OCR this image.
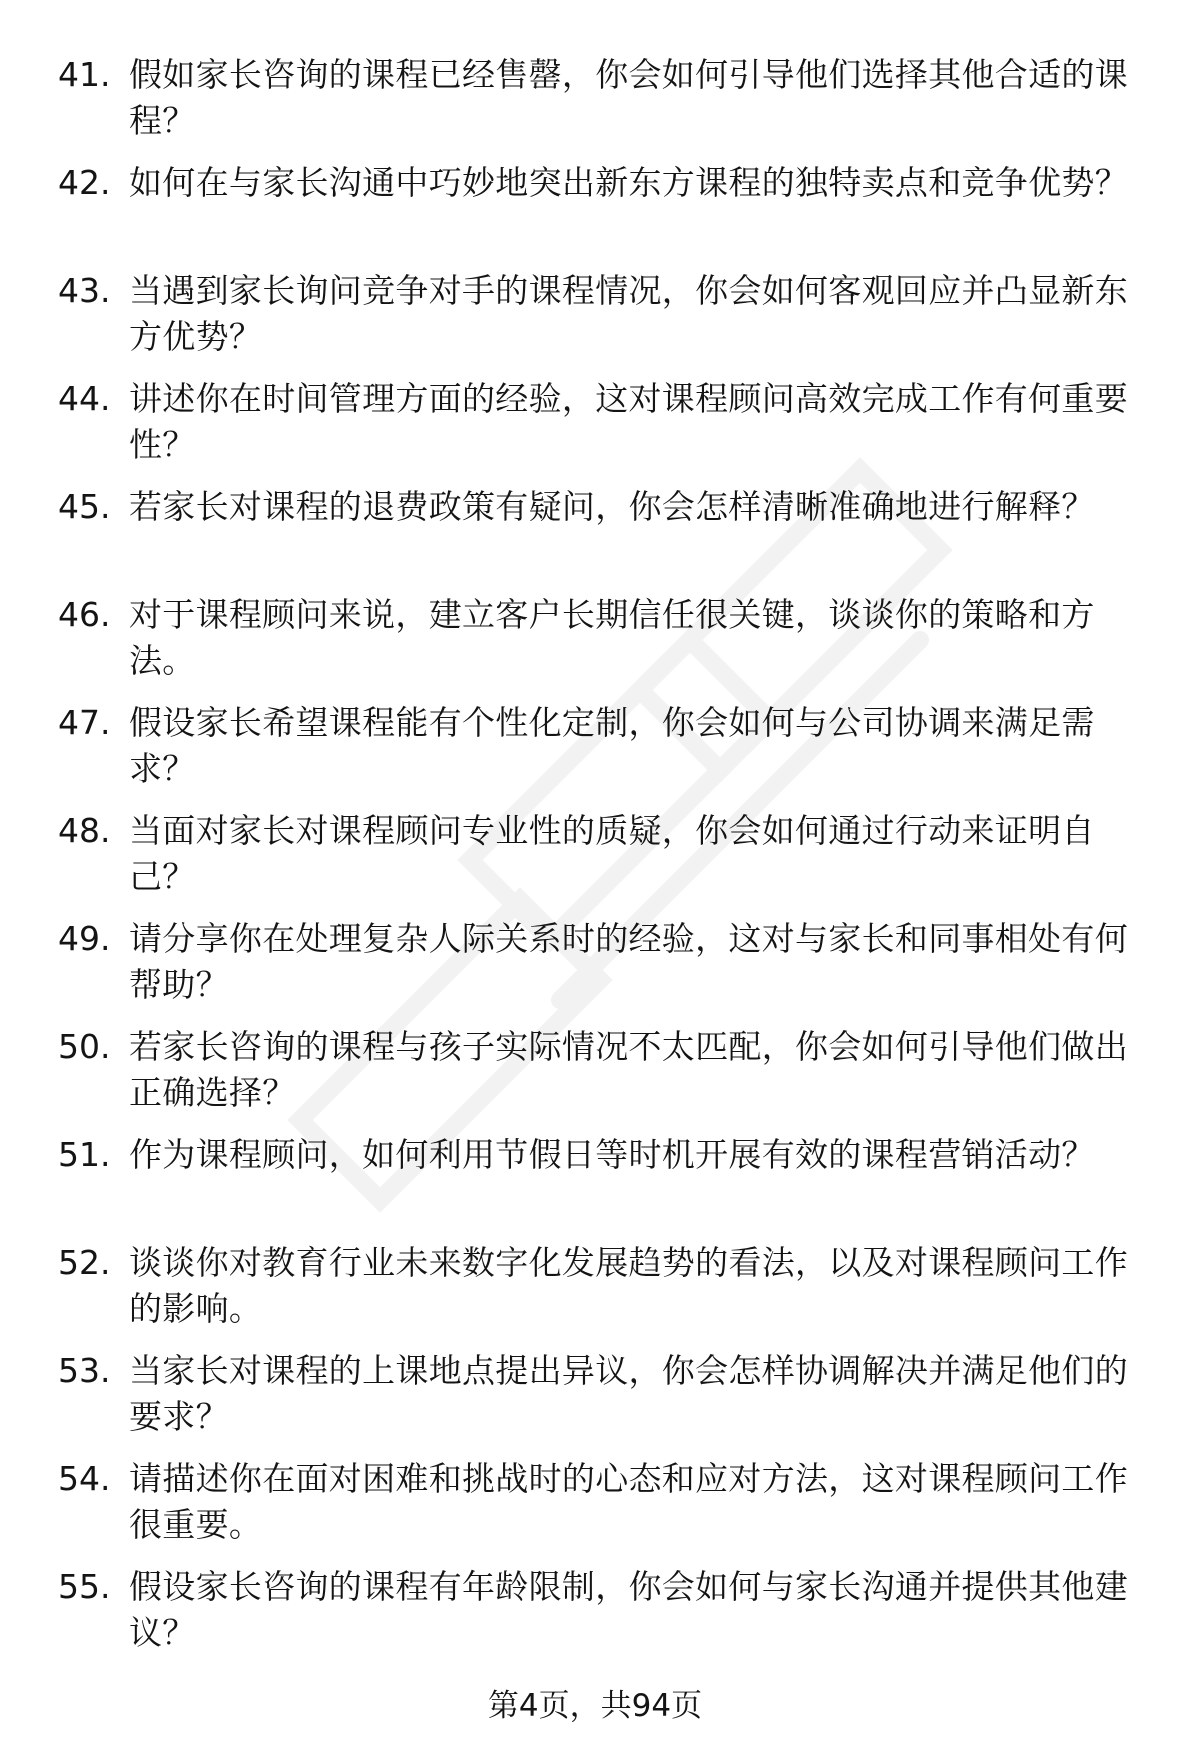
41. 假如家长咨询的课程已经售罄，你会如何引导他们选择其他合适的课程？
42. 如何在与家长沟通中巧妙地突出新东方课程的独特卖点和竞争优势？
43. 当遇到家长询问竞争对手的课程情况，你会如何客观回应并凸显新东方优势？
44. 讲述你在时间管理方面的经验，这对课程顾问高效完成工作有何重要性？
45. 若家长对课程的退费政策有疑问，你会怎样清晰准确地进行解释？
46. 对于课程顾问来说，建立客户长期信任很关键，谈谈你的策略和方法。
47. 假设家长希望课程能有个性化定制，你会如何与公司协调来满足需求？
48. 当面对家长对课程顾问专业性的质疑，你会如何通过行动来证明自己？
49. 请分享你在处理复杂人际关系时的经验，这对与家长和同事相处有何帮助？
50. 若家长咨询的课程与孩子实际情况不太匹配，你会如何引导他们做出正确选择？
51. 作为课程顾问，如何利用节假日等时机开展有效的课程营销活动？
52. 谈谈你对教育行业未来数字化发展趋势的看法，以及对课程顾问工作的影响。
53. 当家长对课程的上课地点提出异议，你会怎样协调解决并满足他们的要求？
54. 请描述你在面对困难和挑战时的心态和应对方法，这对课程顾问工作很重要。
55. 假设家长咨询的课程有年龄限制，你会如何与家长沟通并提供其他建议？
第4页，共94页
